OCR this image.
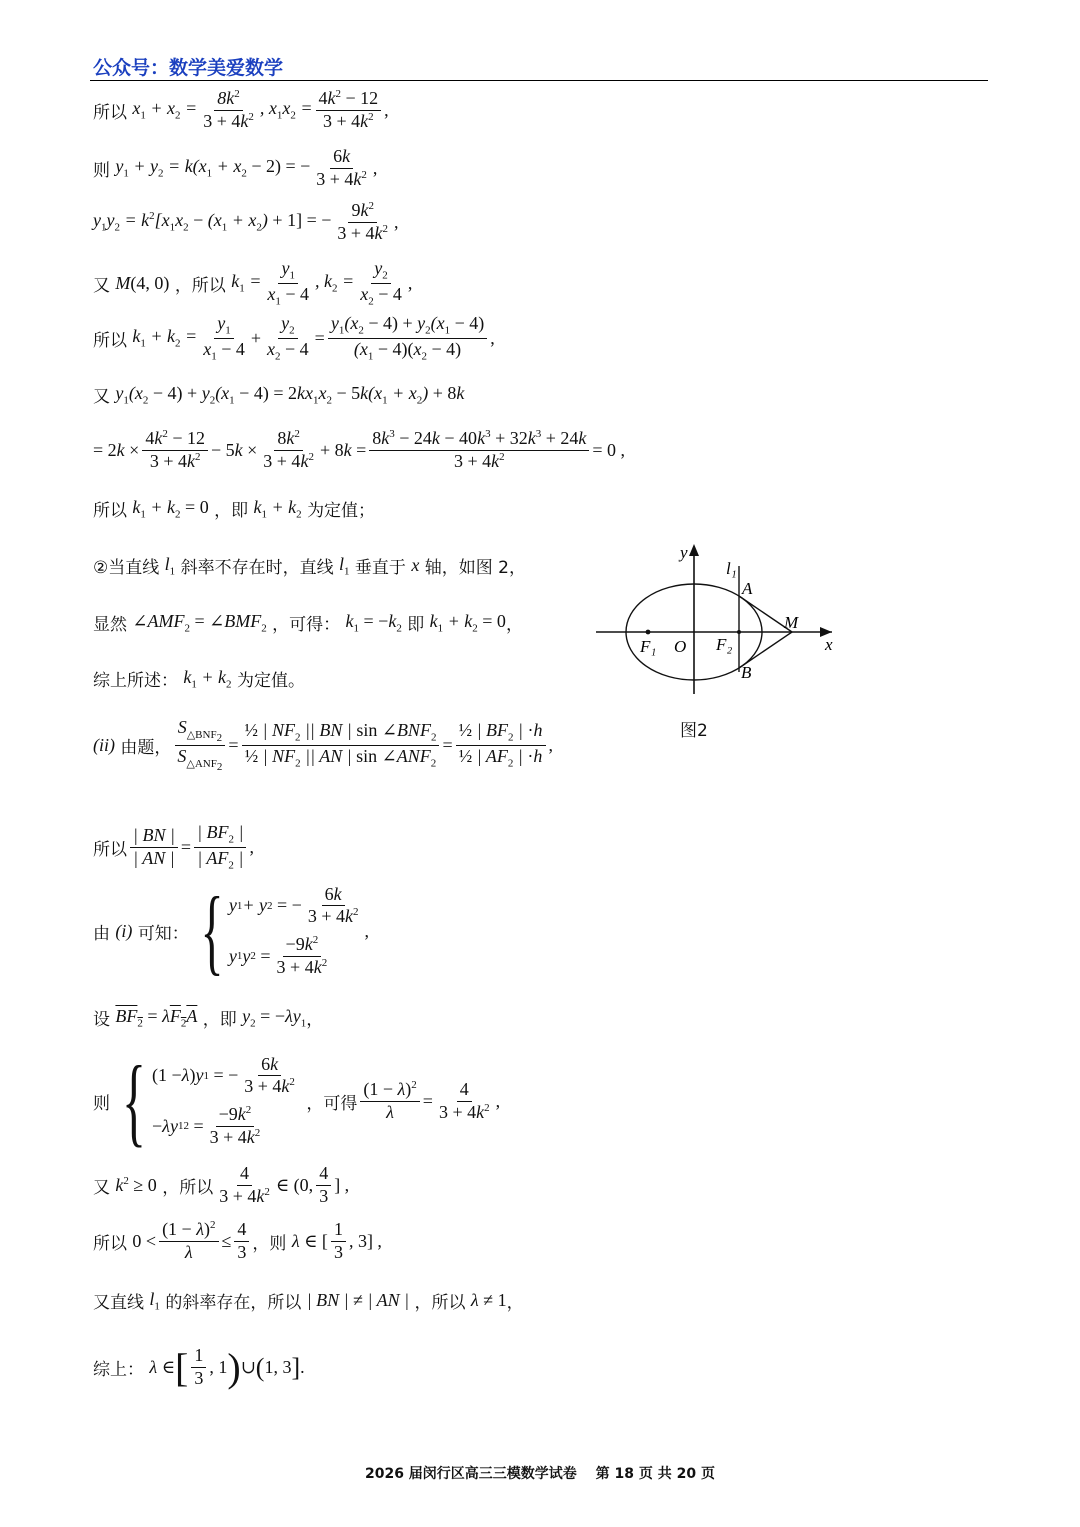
公众号：数学美爱数学
所以
$x_1 + x_2 = \frac{8k^2}{3 + 4k^2}$ , $x_1x_2 = \frac{4k^2 - 12}{3 + 4k^2}$ ,
则
$y_1 + y_2 = k(x_1 + x_2 - 2)$ = − $\frac{6k}{3 + 4k^2}$ ,
$y_1y_2 = k^2[x_1x_2 - (x_1 + x_2) + 1]$ = − $\frac{9k^2}{3 + 4k^2}$ ,
又
M(4, 0)
，所以
$k_1 = \frac{y_1}{x_1 - 4}$ , $k_2 = \frac{y_2}{x_2 - 4}$ ,
所以
$k_1 + k_2 = \frac{y_1}{x_1 - 4} + \frac{y_2}{x_2 - 4} = \frac{y_1(x_2 - 4) + y_2(x_1 - 4)}{(x_1 - 4)(x_2 - 4)}$ ,
又
$y_1(x_2 - 4) + y_2(x_1 - 4) = 2kx_1x_2 - 5k(x_1 + x_2) + 8k$
= $2k \times \frac{4k^2 - 12}{3 + 4k^2} - 5k \times \frac{8k^2}{3 + 4k^2} + 8k = \frac{8k^3 - 24k - 40k^3 + 32k^3 + 24k}{3 + 4k^2} = 0$ ,
所以
$k_1 + k_2 = 0$
，即
$k_1 + k_2$
为定值；
②当直线
$l_1$
斜率不存在时，直线
$l_1$
垂直于
x
轴，如图 2，
显然
$\angle AMF_2$ = $\angle BMF_2$
，可得：
$k_1 = -k_2$
即
$k_1 + k_2 = 0$ ，
综上所述：
$k_1 + k_2$
为定值。
y
x
l₁
A
B
M
F₁ O F₂
图2
(ii)
由题， $\frac{S_{\triangle BNF_2}}{S_{\triangle ANF_2}} = \frac{\frac{1}{2} | NF_2 || BN | \sin \angle BNF_2}{\frac{1}{2} | NF_2 || AN | \sin \angle ANF_2} = \frac{\frac{1}{2} | BF_2 | \cdot h}{\frac{1}{2} | AF_2 | \cdot h}$ ,
所以 $\frac{| BN |}{| AN |} = \frac{| BF_2 |}{| AF_2 |}$ ,
由
(i)
可知： { y 1 + y 2 = − $\frac{6k}{3 + 4k^2}$
y 1 y $2 = \frac{-9k^2}{3 + 4k^2}$
,
设
$BF_2 = \lambda F_2A$
，即
$y_2 = -\lambda y_1$ ，
则 { (1 − λ ) y 1 = − $\frac{6k}{3 + 4k^2}$
− λy 1 $2 = \frac{-9k^2}{3 + 4k^2}$
，可得 $\frac{(1 - \lambda)^2}{\lambda} = \frac{4}{3 + 4k^2}$ ,
又
$k^2 \ge 0$
，所以 $\frac{4}{3 + 4k^2}$ ∈ (0, $\frac{4}{3}$ ] ,
所以
$0 < \frac{(1 - \lambda)^2}{\lambda} \le \frac{4}{3}$ ，则
λ ∈ [ $\frac{1}{3}$ , 3] ,
又直线
$l_1$
的斜率存在，所以
| BN | ≠ | AN |
，所以
λ ≠ 1 ，
综上：
λ ∈ [ $\frac{1}{3}$ , 1 ) ∪ ( 1, 3 ] .
2026 届闵行区高三三模数学试卷　 第 18 页 共 20 页
